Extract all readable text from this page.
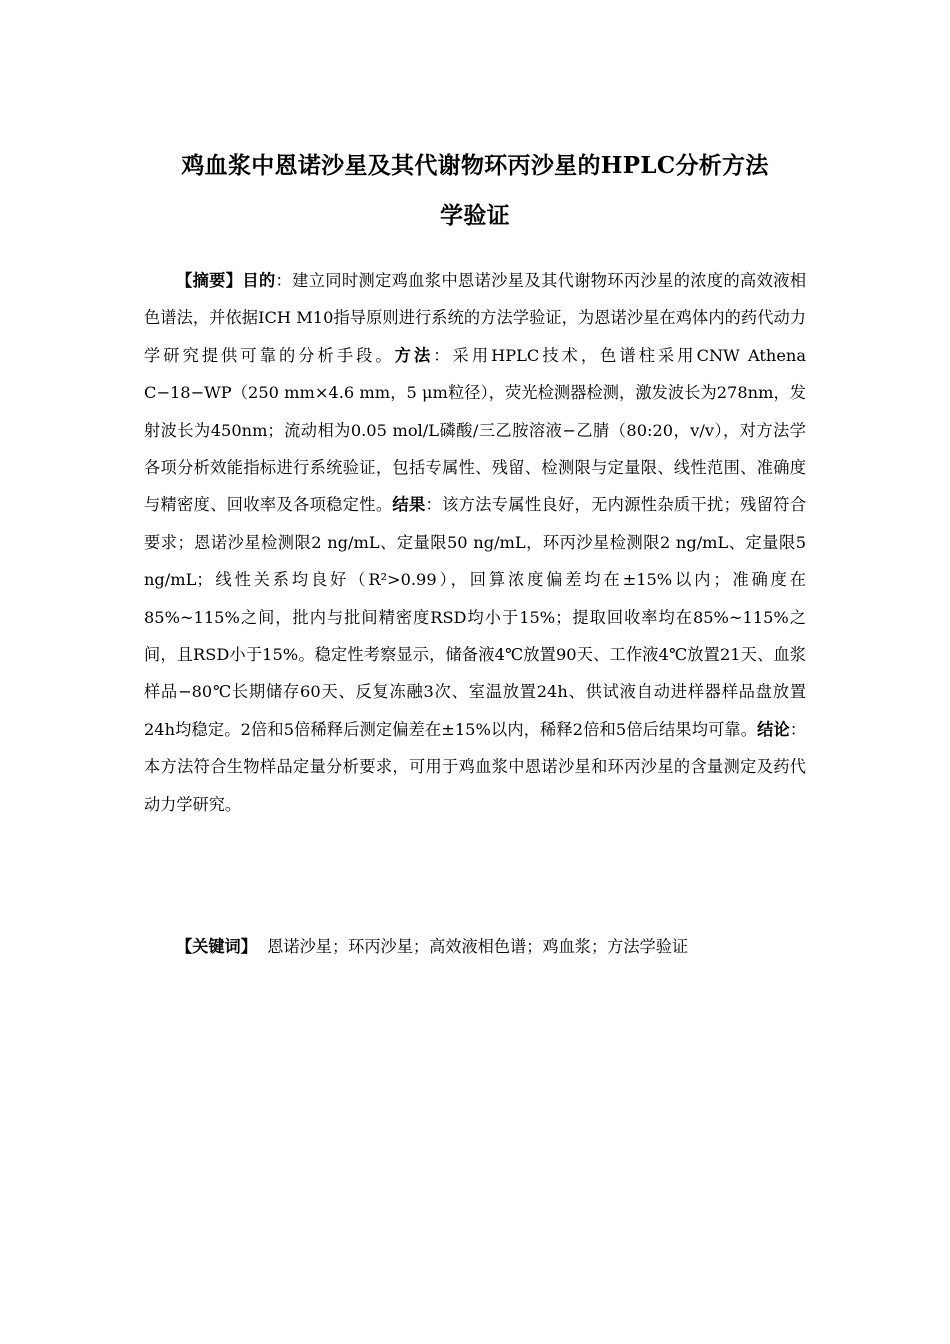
鸡血浆中恩诺沙星及其代谢物环丙沙星的HPLC分析方法
学验证

【摘要】目的：建立同时测定鸡血浆中恩诺沙星及其代谢物环丙沙星的浓度的高效液相色谱法，并依据ICH M10指导原则进行系统的方法学验证，为恩诺沙星在鸡体内的药代动力学研究提供可靠的分析手段。方法：采用HPLC技术，色谱柱采用CNW Athena C−18−WP（250 mm×4.6 mm，5 μm粒径），荧光检测器检测，激发波长为278nm，发射波长为450nm；流动相为0.05 mol/L磷酸/三乙胺溶液−乙腈（80:20，v/v），对方法学各项分析效能指标进行系统验证，包括专属性、残留、检测限与定量限、线性范围、准确度与精密度、回收率及各项稳定性。结果：该方法专属性良好，无内源性杂质干扰；残留符合要求；恩诺沙星检测限2 ng/mL、定量限50 ng/mL，环丙沙星检测限2 ng/mL、定量限5 ng/mL；线性关系均良好（R²>0.99），回算浓度偏差均在±15%以内；准确度在85%~115%之间，批内与批间精密度RSD均小于15%；提取回收率均在85%~115%之间，且RSD小于15%。稳定性考察显示，储备液4℃放置90天、工作液4℃放置21天、血浆样品−80℃长期储存60天、反复冻融3次、室温放置24h、供试液自动进样器样品盘放置24h均稳定。2倍和5倍稀释后测定偏差在±15%以内，稀释2倍和5倍后结果均可靠。结论：本方法符合生物样品定量分析要求，可用于鸡血浆中恩诺沙星和环丙沙星的含量测定及药代动力学研究。

【关键词】  恩诺沙星；环丙沙星；高效液相色谱；鸡血浆；方法学验证
